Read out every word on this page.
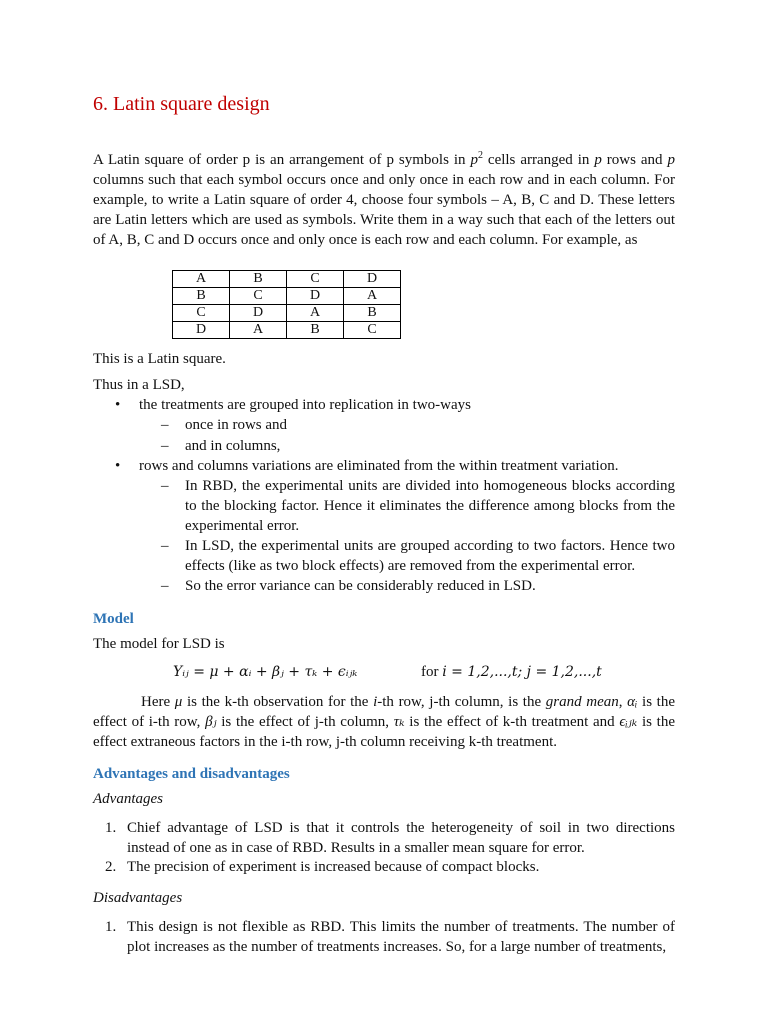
6. Latin square design

A Latin square of order p is an arrangement of p symbols in $p^2$ cells arranged in p rows and p columns such that each symbol occurs once and only once in each row and in each column. For example, to write a Latin square of order 4, choose four symbols – A, B, C and D. These letters are Latin letters which are used as symbols. Write them in a way such that each of the letters out of A, B, C and D occurs once and only once is each row and each column. For example, as

A	B	C	D
B	C	D	A
C	D	A	B
D	A	B	C

This is a Latin square.

Thus in a LSD,

• the treatments are grouped into replication in two-ways
– once in rows and
– and in columns,
• rows and columns variations are eliminated from the within treatment variation.
– In RBD, the experimental units are divided into homogeneous blocks according to the blocking factor. Hence it eliminates the difference among blocks from the experimental error.
– In LSD, the experimental units are grouped according to two factors. Hence two effects (like as two block effects) are removed from the experimental error.
– So the error variance can be considerably reduced in LSD.
Model

The model for LSD is

Yᵢⱼ = μ + αᵢ + βⱼ + τₖ + ϵᵢⱼₖ	for i = 1,2,...,t; j = 1,2,...,t

Here μ is the k-th observation for the i-th row, j-th column, is the grand mean, αᵢ is the effect of i-th row, βⱼ is the effect of j-th column, τₖ is the effect of k-th treatment and ϵᵢⱼₖ is the effect extraneous factors in the i-th row, j-th column receiving k-th treatment.

Advantages and disadvantages

Advantages

1. Chief advantage of LSD is that it controls the heterogeneity of soil in two directions instead of one as in case of RBD. Results in a smaller mean square for error.
2. The precision of experiment is increased because of compact blocks.

Disadvantages

1. This design is not flexible as RBD. This limits the number of treatments. The number of plot increases as the number of treatments increases. So, for a large number of treatments,
